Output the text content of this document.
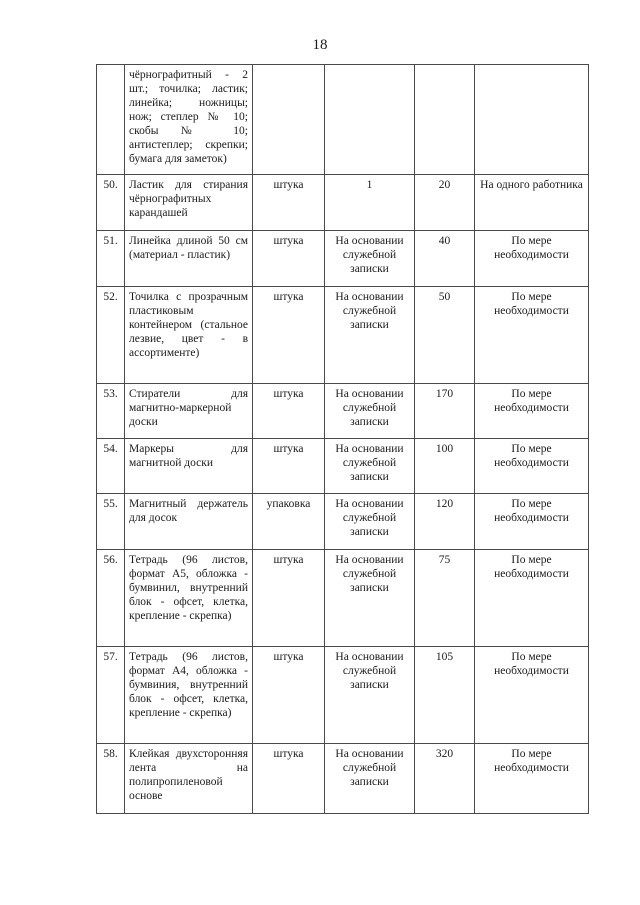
18

	чёрнографитный - 2 шт.; точилка; ластик; линейка; ножницы; нож; степлер № 10; скобы № 10; антистеплер; скрепки; бумага для заметок)				

50.	Ластик для стирания чёрнографитных карандашей	штука	1	20	На одного работника

51.	Линейка длиной 50 см (материал - пластик)	штука	На основании служебной записки	40	По мере необходимости

52.	Точилка с прозрачным пластиковым контейнером (стальное лезвие, цвет - в ассортименте)	штука	На основании служебной записки	50	По мере необходимости

53.	Стиратели для магнитно-маркерной доски	штука	На основании служебной записки	170	По мере необходимости

54.	Маркеры для магнитной доски	штука	На основании служебной записки	100	По мере необходимости

55.	Магнитный держатель для досок	упаковка	На основании служебной записки	120	По мере необходимости

56.	Тетрадь (96 листов, формат А5, обложка - бумвинил, внутренний блок - офсет, клетка, крепление - скрепка)	штука	На основании служебной записки	75	По мере необходимости

57.	Тетрадь (96 листов, формат А4, обложка - бумвиния, внутренний блок - офсет, клетка, крепление - скрепка)	штука	На основании служебной записки	105	По мере необходимости

58.	Клейкая двухсторонняя лента на полипропиленовой основе	штука	На основании служебной записки	320	По мере необходимости
